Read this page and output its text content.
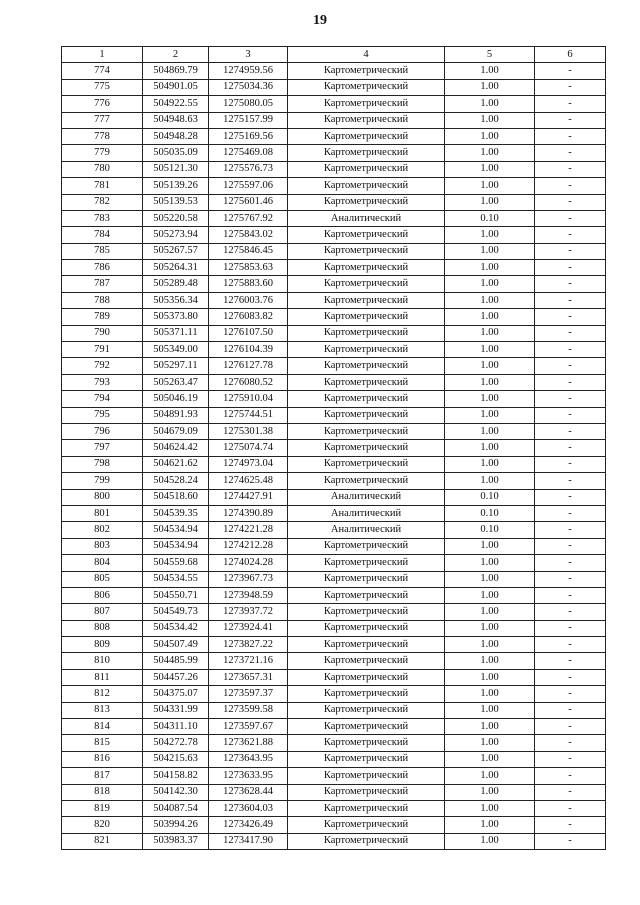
19
1	2	3	4	5	6
774	504869.79	1274959.56	Картометрический	1.00	-
775	504901.05	1275034.36	Картометрический	1.00	-
776	504922.55	1275080.05	Картометрический	1.00	-
777	504948.63	1275157.99	Картометрический	1.00	-
778	504948.28	1275169.56	Картометрический	1.00	-
779	505035.09	1275469.08	Картометрический	1.00	-
780	505121.30	1275576.73	Картометрический	1.00	-
781	505139.26	1275597.06	Картометрический	1.00	-
782	505139.53	1275601.46	Картометрический	1.00	-
783	505220.58	1275767.92	Аналитический	0.10	-
784	505273.94	1275843.02	Картометрический	1.00	-
785	505267.57	1275846.45	Картометрический	1.00	-
786	505264.31	1275853.63	Картометрический	1.00	-
787	505289.48	1275883.60	Картометрический	1.00	-
788	505356.34	1276003.76	Картометрический	1.00	-
789	505373.80	1276083.82	Картометрический	1.00	-
790	505371.11	1276107.50	Картометрический	1.00	-
791	505349.00	1276104.39	Картометрический	1.00	-
792	505297.11	1276127.78	Картометрический	1.00	-
793	505263.47	1276080.52	Картометрический	1.00	-
794	505046.19	1275910.04	Картометрический	1.00	-
795	504891.93	1275744.51	Картометрический	1.00	-
796	504679.09	1275301.38	Картометрический	1.00	-
797	504624.42	1275074.74	Картометрический	1.00	-
798	504621.62	1274973.04	Картометрический	1.00	-
799	504528.24	1274625.48	Картометрический	1.00	-
800	504518.60	1274427.91	Аналитический	0.10	-
801	504539.35	1274390.89	Аналитический	0.10	-
802	504534.94	1274221.28	Аналитический	0.10	-
803	504534.94	1274212.28	Картометрический	1.00	-
804	504559.68	1274024.28	Картометрический	1.00	-
805	504534.55	1273967.73	Картометрический	1.00	-
806	504550.71	1273948.59	Картометрический	1.00	-
807	504549.73	1273937.72	Картометрический	1.00	-
808	504534.42	1273924.41	Картометрический	1.00	-
809	504507.49	1273827.22	Картометрический	1.00	-
810	504485.99	1273721.16	Картометрический	1.00	-
811	504457.26	1273657.31	Картометрический	1.00	-
812	504375.07	1273597.37	Картометрический	1.00	-
813	504331.99	1273599.58	Картометрический	1.00	-
814	504311.10	1273597.67	Картометрический	1.00	-
815	504272.78	1273621.88	Картометрический	1.00	-
816	504215.63	1273643.95	Картометрический	1.00	-
817	504158.82	1273633.95	Картометрический	1.00	-
818	504142.30	1273628.44	Картометрический	1.00	-
819	504087.54	1273604.03	Картометрический	1.00	-
820	503994.26	1273426.49	Картометрический	1.00	-
821	503983.37	1273417.90	Картометрический	1.00	-
